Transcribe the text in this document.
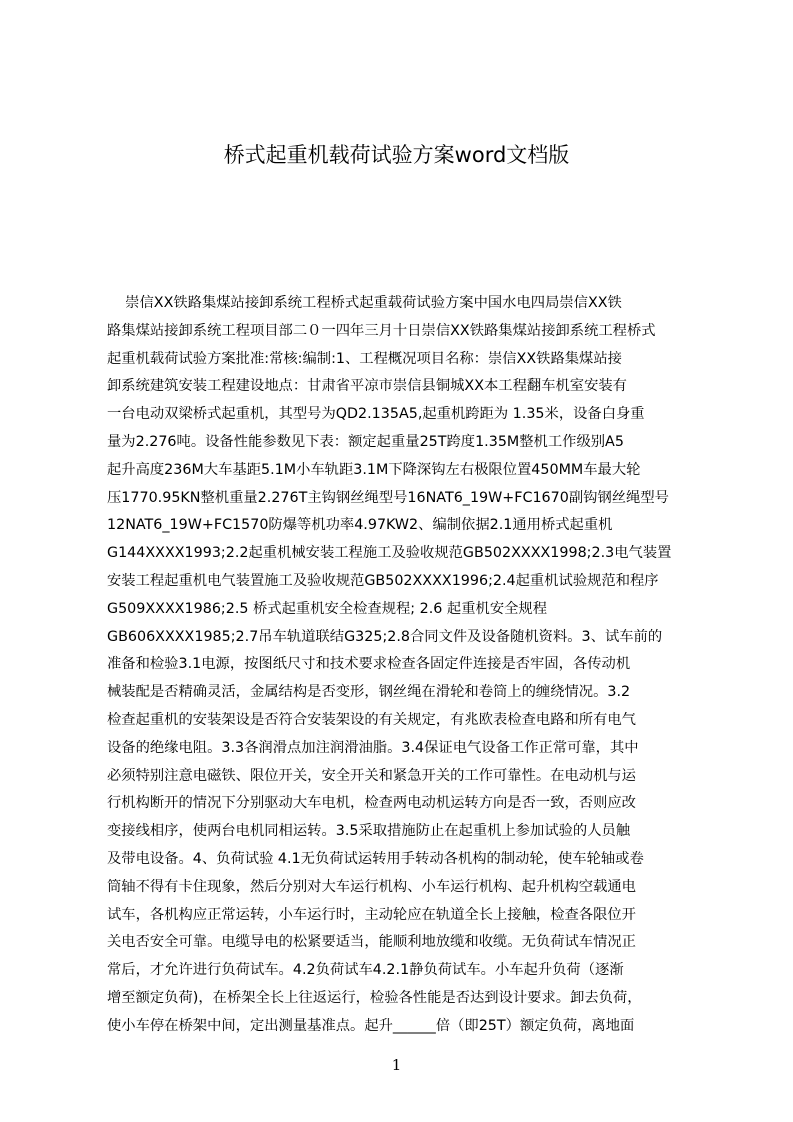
桥式起重机载荷试验方案word文档版
崇信XX铁路集煤站接卸系统工程桥式起重载荷试验方案中国水电四局崇信XX铁
路集煤站接卸系统工程项目部二０一四年三月十日崇信XX铁路集煤站接卸系统工程桥式
起重机载荷试验方案批准:常核:编制:1、工程概况项目名称：崇信XX铁路集煤站接
卸系统建筑安装工程建设地点：甘肃省平凉市崇信县铜城XX本工程翻车机室安装有
一台电动双梁桥式起重机，其型号为QD2.135A5,起重机跨距为 1.35米，设备白身重
量为2.276吨。设备性能参数见下表：额定起重量25T跨度1.35M整机工作级别A5
起升高度236M大车基距5.1M小车轨距3.1M下降深钩左右极限位置450MM车最大轮
压1770.95KN整机重量2.276T主钩钢丝绳型号16NAT6_19W+FC1670副钩钢丝绳型号
12NAT6_19W+FC1570防爆等机功率4.97KW2、编制依据2.1通用桥式起重机
G144XXXX1993;2.2起重机械安装工程施工及验收规范GB502XXXX1998;2.3电气装置
安装工程起重机电气装置施工及验收规范GB502XXXX1996;2.4起重机试验规范和程序
G509XXXX1986;2.5 桥式起重机安全检查规程; 2.6 起重机安全规程
GB606XXXX1985;2.7吊车轨道联结G325;2.8合同文件及设备随机资料。3、试车前的
准备和检验3.1电源，按图纸尺寸和技术要求检查各固定件连接是否牢固，各传动机
械装配是否精确灵活，金属结构是否变形，钢丝绳在滑轮和卷筒上的缠绕情况。3.2
检查起重机的安装架设是否符合安装架设的有关规定，有兆欧表检查电路和所有电气
设备的绝缘电阻。3.3各润滑点加注润滑油脂。3.4保证电气设备工作正常可靠，其中
必须特别注意电磁铁、限位开关，安全开关和紧急开关的工作可靠性。在电动机与运
行机构断开的情况下分别驱动大车电机，检查两电动机运转方向是否一致，否则应改
变接线相序，使两台电机同相运转。3.5采取措施防止在起重机上参加试验的人员触
及带电设备。4、负荷试验 4.1无负荷试运转用手转动各机构的制动轮，使车轮轴或卷
筒轴不得有卡住现象，然后分别对大车运行机构、小车运行机构、起升机构空载通电
试车，各机构应正常运转，小车运行时，主动轮应在轨道全长上接触，检查各限位开
关电否安全可靠。电缆导电的松紧要适当，能顺利地放缆和收缆。无负荷试车情况正
常后，才允许进行负荷试车。4.2负荷试车4.2.1静负荷试车。小车起升负荷（逐渐
增至额定负荷)，在桥架全长上往返运行，检验各性能是否达到设计要求。卸去负荷，
使小车停在桥架中间，定出测量基准点。起升______倍（即25T）额定负荷，离地面
1
